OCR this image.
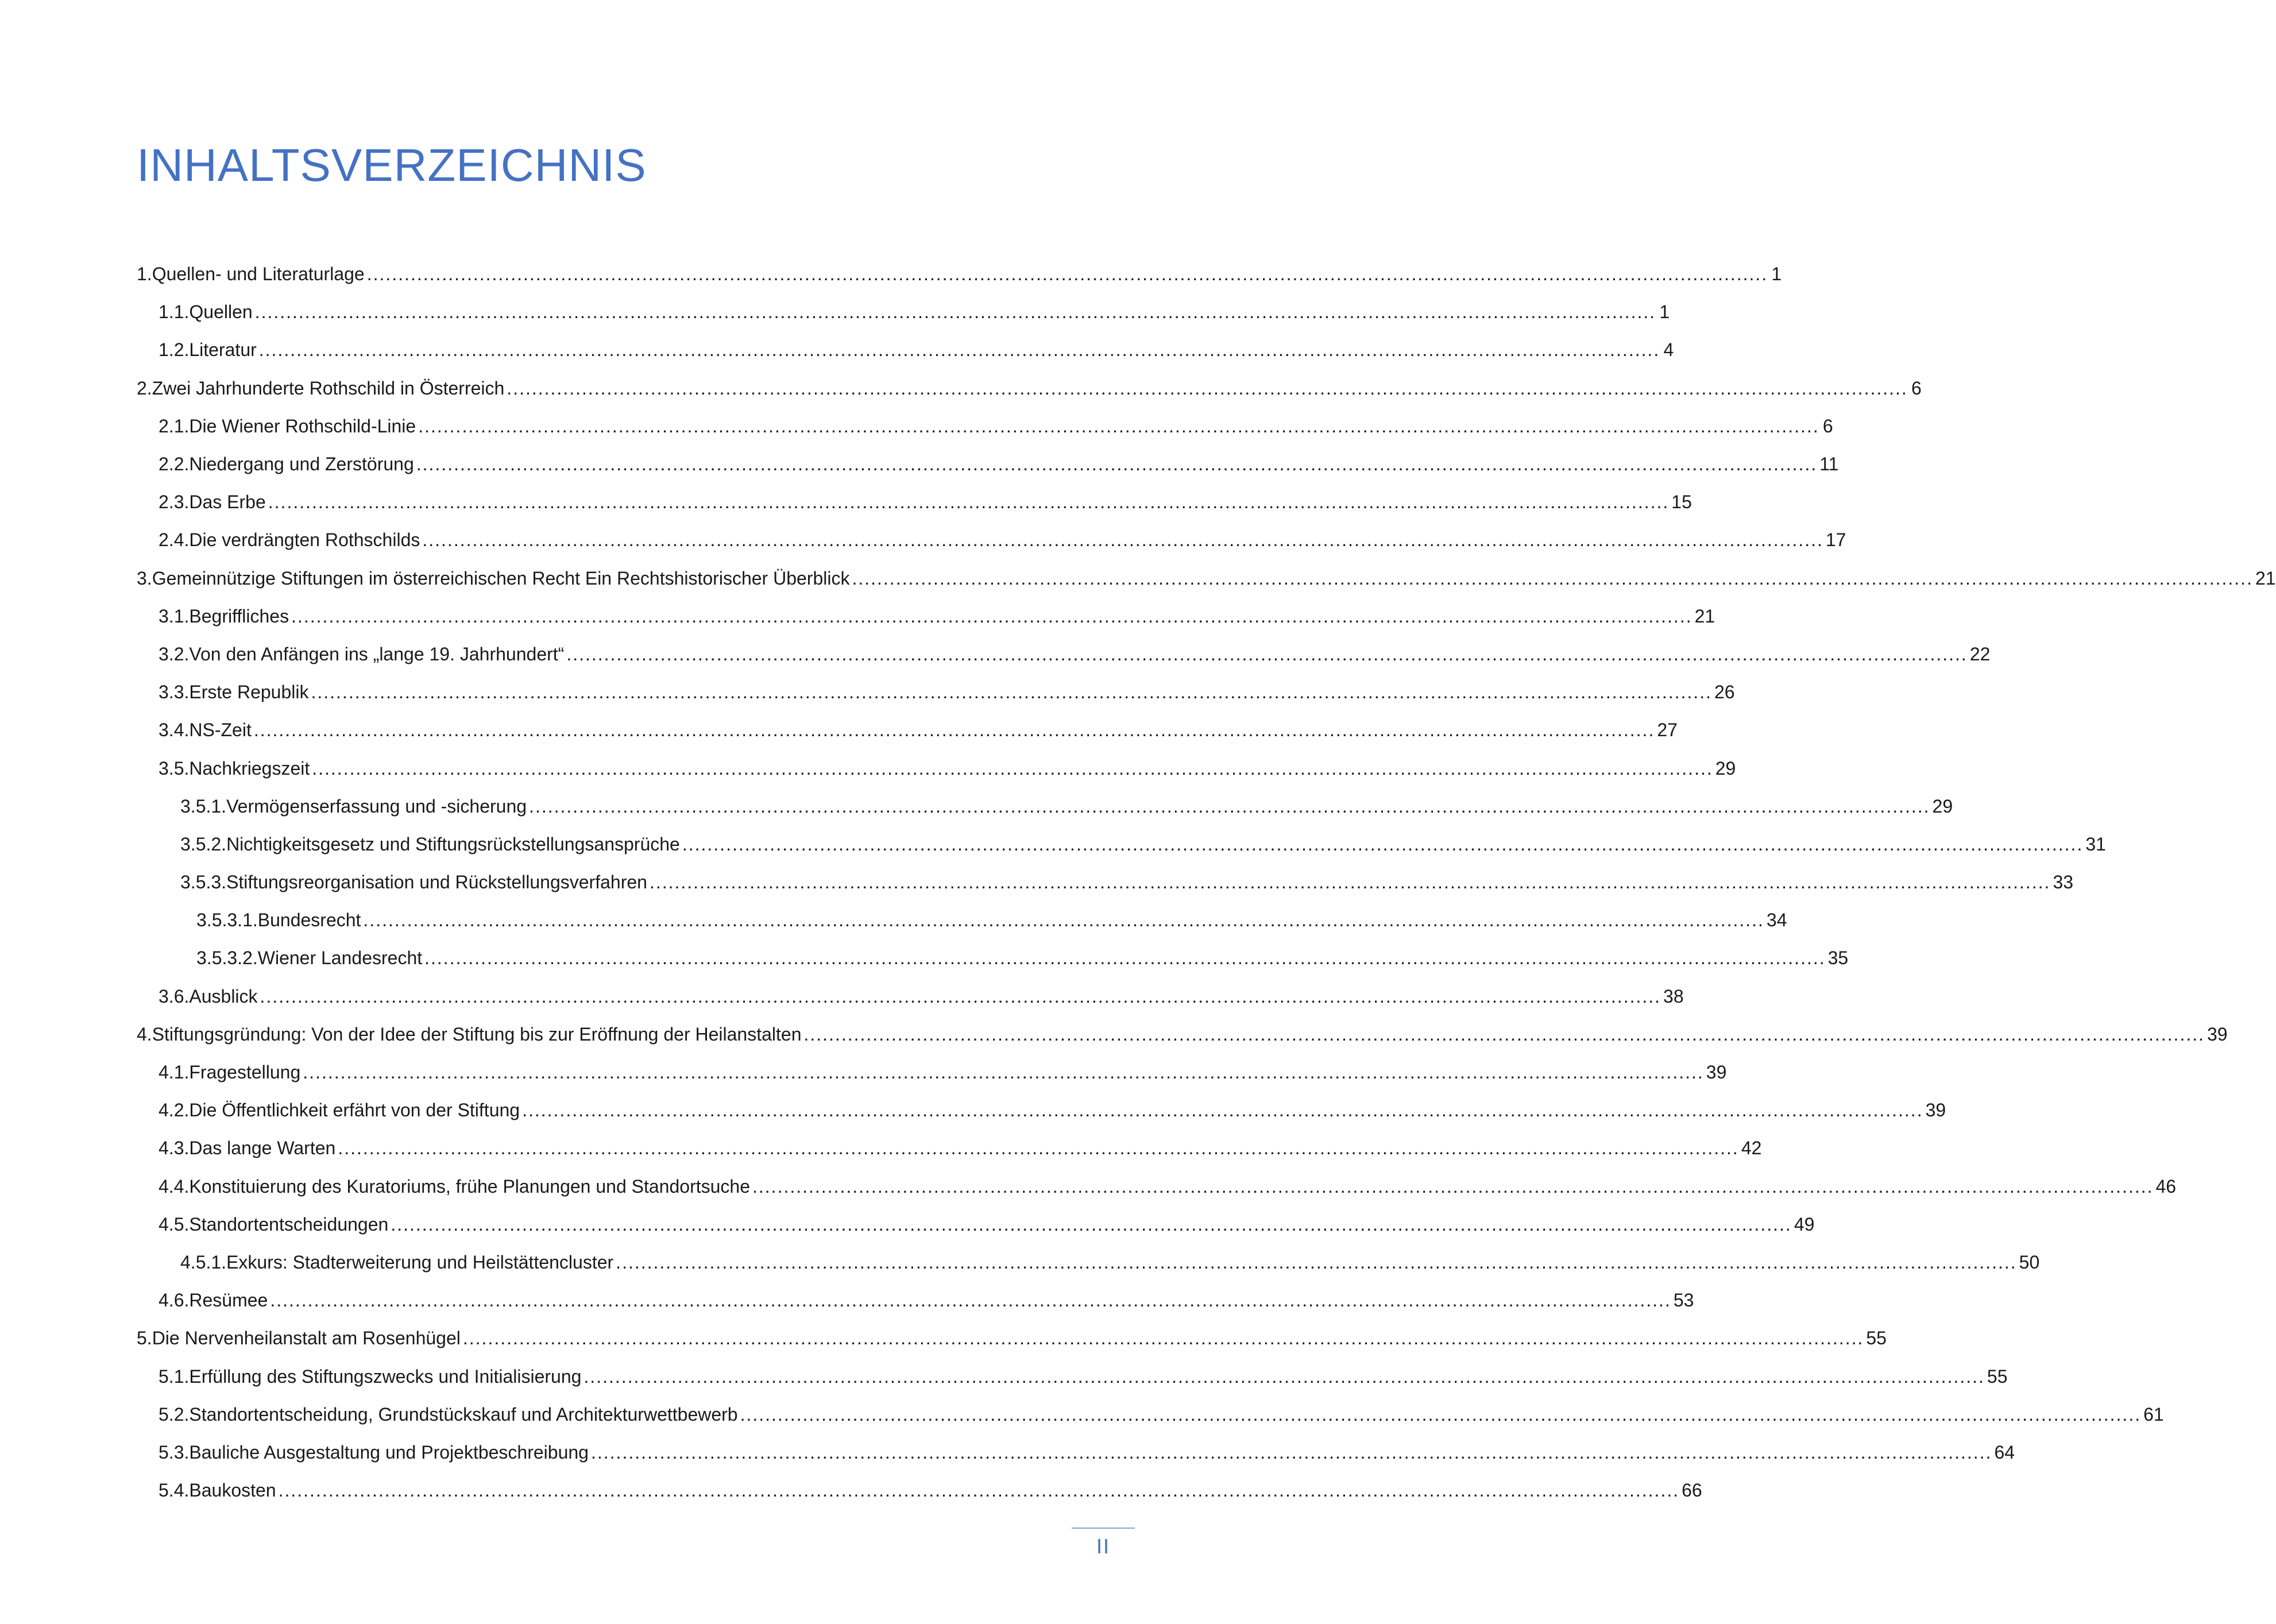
INHALTSVERZEICHNIS
1. Quellen- und Literaturlage .....	1
1.1. Quellen .....	1
1.2. Literatur .....	4
2. Zwei Jahrhunderte Rothschild in Österreich .....	6
2.1. Die Wiener Rothschild-Linie .....	6
2.2. Niedergang und Zerstörung .....	11
2.3. Das Erbe .....	15
2.4. Die verdrängten Rothschilds .....	17
3. Gemeinnützige Stiftungen im österreichischen Recht Ein Rechtshistorischer Überblick .....	21
3.1. Begriffliches .....	21
3.2. Von den Anfängen ins „lange 19. Jahrhundert“ .....	22
3.3. Erste Republik .....	26
3.4. NS-Zeit .....	27
3.5. Nachkriegszeit .....	29
3.5.1. Vermögenserfassung und -sicherung .....	29
3.5.2. Nichtigkeitsgesetz und Stiftungsrückstellungsansprüche .....	31
3.5.3. Stiftungsreorganisation und Rückstellungsverfahren .....	33
3.5.3.1. Bundesrecht .....	34
3.5.3.2. Wiener Landesrecht .....	35
3.6. Ausblick .....	38
4. Stiftungsgründung: Von der Idee der Stiftung bis zur Eröffnung der Heilanstalten .....	39
4.1. Fragestellung .....	39
4.2. Die Öffentlichkeit erfährt von der Stiftung .....	39
4.3. Das lange Warten .....	42
4.4. Konstituierung des Kuratoriums, frühe Planungen und Standortsuche .....	46
4.5. Standortentscheidungen .....	49
4.5.1. Exkurs: Stadterweiterung und Heilstättencluster .....	50
4.6. Resümee .....	53
5. Die Nervenheilanstalt am Rosenhügel .....	55
5.1. Erfüllung des Stiftungszwecks und Initialisierung .....	55
5.2. Standortentscheidung, Grundstückskauf und Architekturwettbewerb .....	61
5.3. Bauliche Ausgestaltung und Projektbeschreibung .....	64
5.4. Baukosten .....	66
II
